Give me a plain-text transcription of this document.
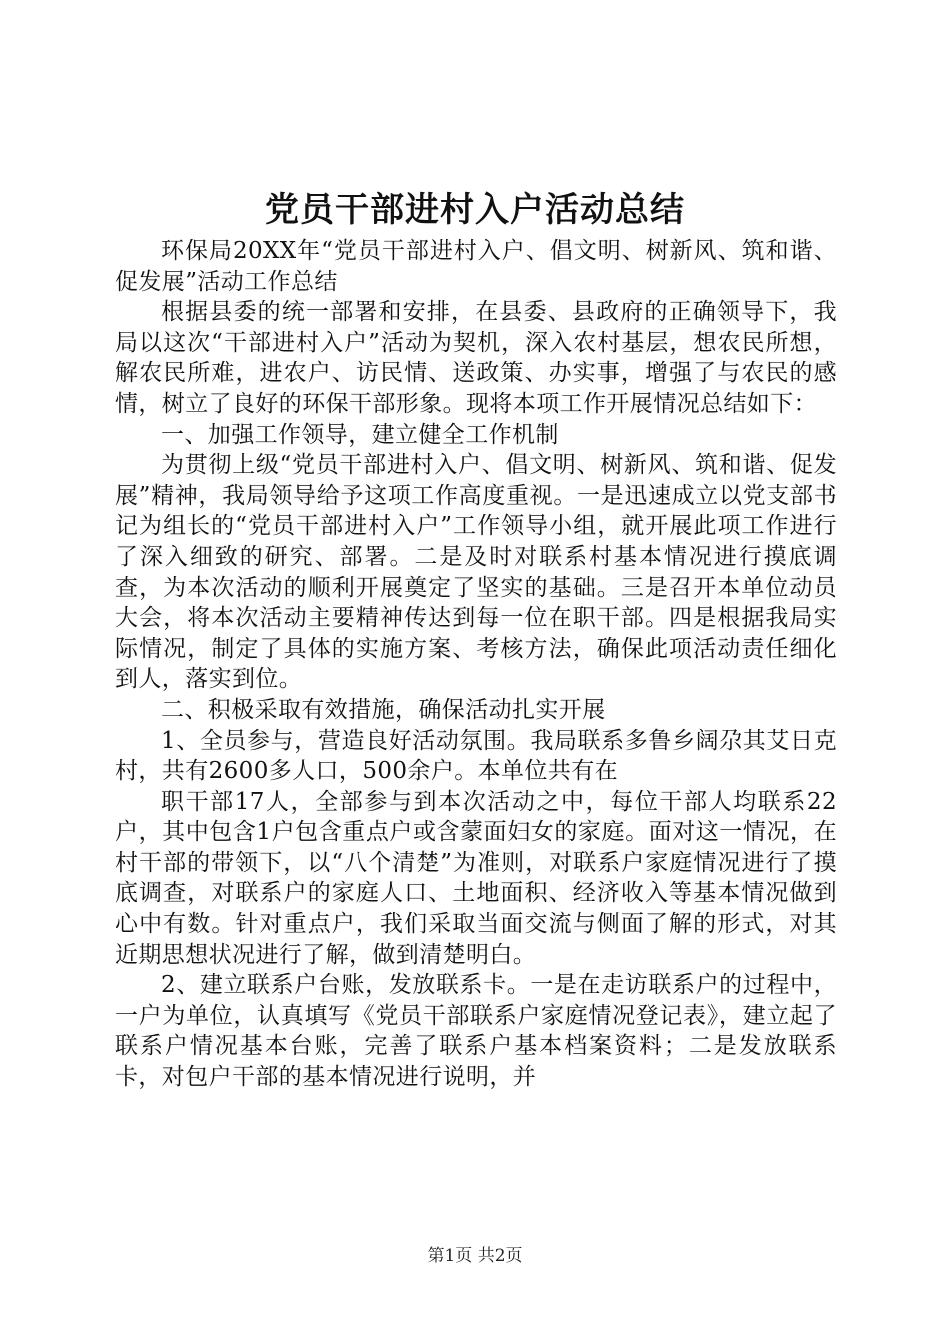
党员干部进村入户活动总结

环保局20XX年“党员干部进村入户、倡文明、树新风、筑和谐、促发展”活动工作总结

根据县委的统一部署和安排，在县委、县政府的正确领导下，我局以这次“干部进村入户”活动为契机，深入农村基层，想农民所想，解农民所难，进农户、访民情、送政策、办实事，增强了与农民的感情，树立了良好的环保干部形象。现将本项工作开展情况总结如下：

一、加强工作领导，建立健全工作机制

为贯彻上级“党员干部进村入户、倡文明、树新风、筑和谐、促发展”精神，我局领导给予这项工作高度重视。一是迅速成立以党支部书记为组长的“党员干部进村入户”工作领导小组，就开展此项工作进行了深入细致的研究、部署。二是及时对联系村基本情况进行摸底调查，为本次活动的顺利开展奠定了坚实的基础。三是召开本单位动员大会，将本次活动主要精神传达到每一位在职干部。四是根据我局实际情况，制定了具体的实施方案、考核方法，确保此项活动责任细化到人，落实到位。

二、积极采取有效措施，确保活动扎实开展

1、全员参与，营造良好活动氛围。我局联系多鲁乡阔尕其艾日克村，共有2600多人口，500余户。本单位共有在

职干部17人，全部参与到本次活动之中，每位干部人均联系22户，其中包含1户包含重点户或含蒙面妇女的家庭。面对这一情况，在村干部的带领下，以“八个清楚”为准则，对联系户家庭情况进行了摸底调查，对联系户的家庭人口、土地面积、经济收入等基本情况做到心中有数。针对重点户，我们采取当面交流与侧面了解的形式，对其近期思想状况进行了解，做到清楚明白。

2、建立联系户台账，发放联系卡。一是在走访联系户的过程中，一户为单位，认真填写《党员干部联系户家庭情况登记表》，建立起了联系户情况基本台账，完善了联系户基本档案资料；二是发放联系卡，对包户干部的基本情况进行说明，并

第1页 共2页
